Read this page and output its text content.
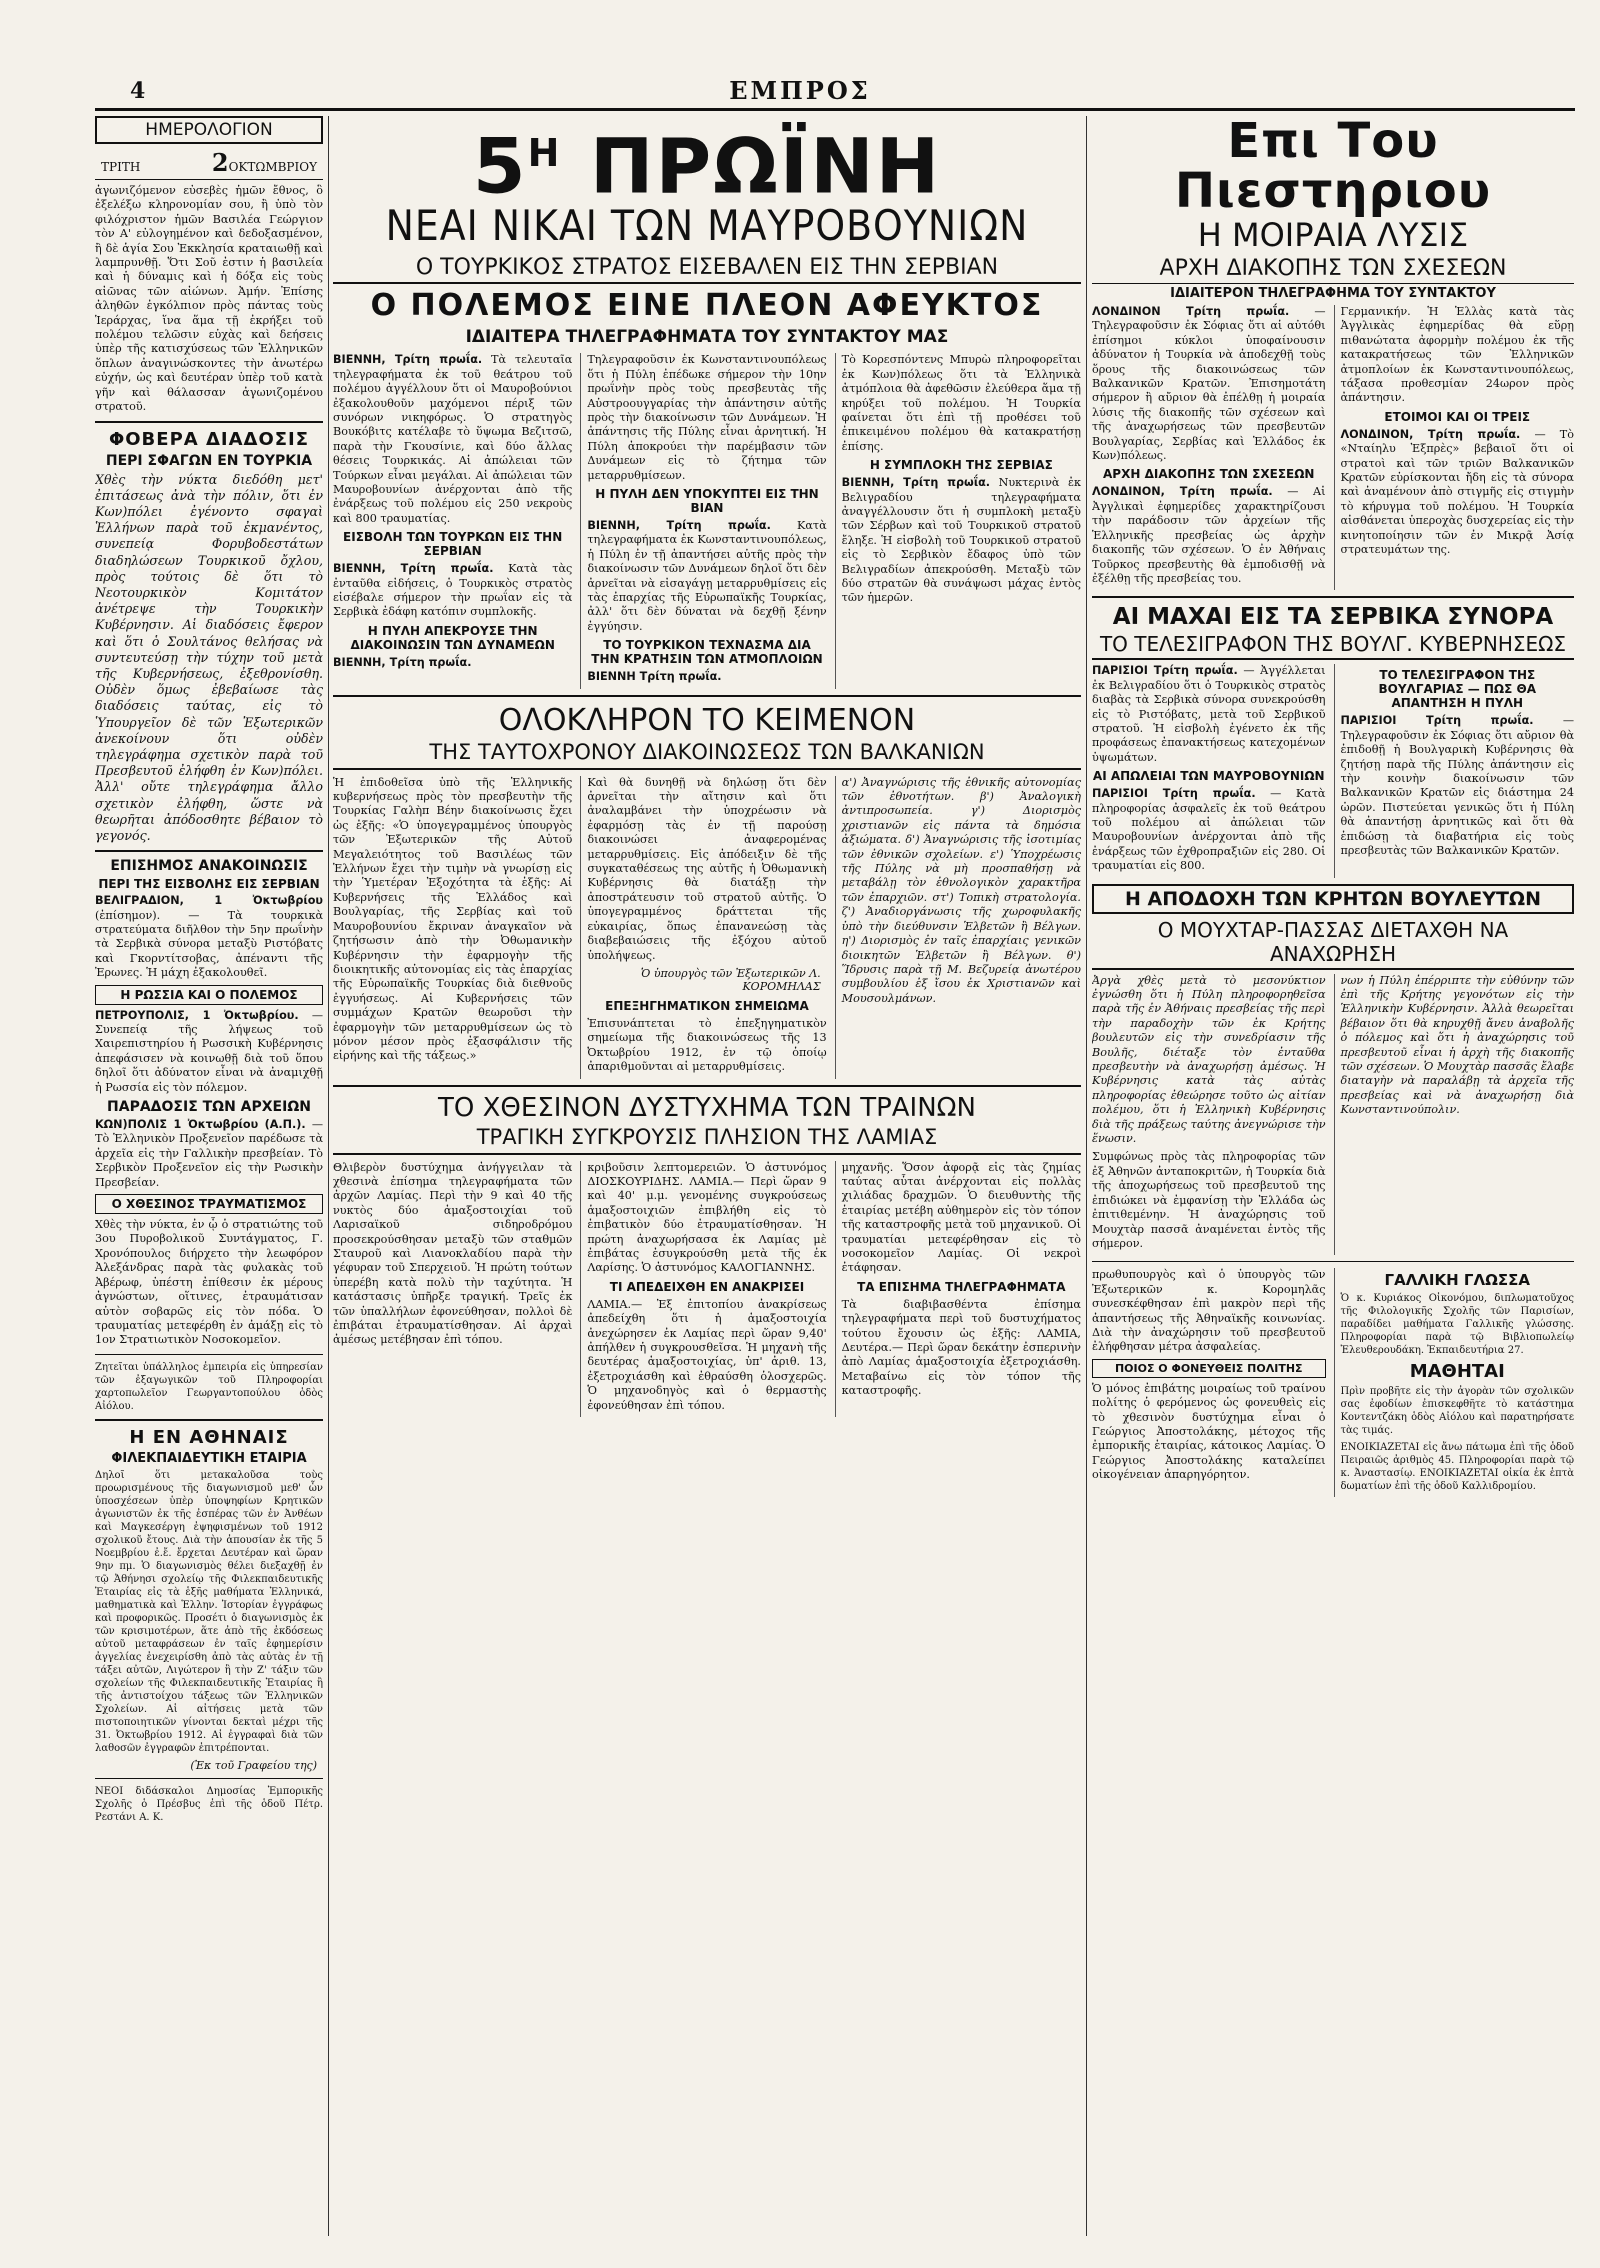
4	ΕΜΠΡΟΣ
ΗΜΕΡΟΛΟΓΙΟΝ
ΤΡΙΤΗ	2ΟΚΤΩΜΒΡΙΟΥ

ἀγωνιζόμενον εὐσεβὲς ἡμῶν ἔθνος, ὃ ἐξελέξω κληρονομίαν σου, ἢ ὑπὸ τὸν φιλόχριστον ἡμῶν Βασιλέα Γεώργιον τὸν Α' εὐλογημένον καὶ δεδοξασμένον, ἢ δὲ ἁγία Σου Ἐκκλησία κραταιωθῇ καὶ λαμπρυνθῇ. Ὅτι Σοῦ ἐστιν ἡ βασιλεία καὶ ἡ δύναμις καὶ ἡ δόξα εἰς τοὺς αἰῶνας τῶν αἰώνων. Ἀμήν. Ἐπίσης ἀληθῶν ἐγκόλπιον πρὸς πάντας τοὺς Ἱεράρχας, ἵνα ἅμα τῇ ἐκρήξει τοῦ πολέμου τελῶσιν εὐχὰς καὶ δεήσεις ὑπὲρ τῆς κατισχύσεως τῶν Ἑλληνικῶν ὅπλων ἀναγινώσκοντες τὴν ἀνωτέρω εὐχήν, ὡς καὶ δευτέραν ὑπὲρ τοῦ κατὰ γῆν καὶ θάλασσαν ἀγωνιζομένου στρατοῦ.

ΦΟΒΕΡΑ ΔΙΑΔΟΣΙΣ
ΠΕΡΙ ΣΦΑΓΩΝ ΕΝ ΤΟΥΡΚΙΑ

Χθὲς τὴν νύκτα διεδόθη μετ' ἐπιτάσεως ἀνὰ τὴν πόλιν, ὅτι ἐν Κων)πόλει ἐγένοντο σφαγαὶ Ἑλλήνων παρὰ τοῦ ἐκμανέντος, συνεπείᾳ Φορυβοδεστάτων διαδηλώσεων Τουρκικοῦ ὄχλου, πρὸς τούτοις δὲ ὅτι τὸ Νεοτουρκικὸν Κομιτάτον ἀνέτρεψε τὴν Τουρκικὴν Κυβέρνησιν. Αἱ διαδόσεις ἔφερον καὶ ὅτι ὁ Σουλτάνος θελήσας νὰ συντευτεύσῃ τὴν τύχην τοῦ μετὰ τῆς Κυβερνήσεως, ἐξεθρονίσθη. Οὐδὲν ὅμως ἐβεβαίωσε τὰς διαδόσεις ταύτας, εἰς τὸ Ὑπουργεῖον δὲ τῶν Ἐξωτερικῶν ἀνεκοίνουν ὅτι οὐδὲν τηλεγράφημα σχετικὸν παρὰ τοῦ Πρεσβευτοῦ ἐλήφθη ἐν Κων)πόλει. Ἀλλ' οὔτε τηλεγράφημα ἄλλο σχετικὸν ἐλήφθη, ὥστε νὰ θεωρῆται ἀπόδοσθητε βέβαιον τὸ γεγονός.

ΕΠΙΣΗΜΟΣ ΑΝΑΚΟΙΝΩΣΙΣ
ΠΕΡΙ ΤΗΣ ΕΙΣΒΟΛΗΣ ΕΙΣ ΣΕΡΒΙΑΝ

ΒΕΛΙΓΡΑΔΙΟΝ, 1 Ὀκτωβρίου (ἐπίσημον). — Τὰ τουρκικὰ στρατεύματα διῆλθον τὴν 5ην πρωΐνὴν τὰ Σερβικὰ σύνορα μεταξὺ Ριστόβατς καὶ Γκορντίτσοβας, ἀπέναντι τῆς Ἐρωνες. Ἡ μάχη ἐξακολουθεῖ.

Η ΡΩΣΣΙΑ ΚΑΙ Ο ΠΟΛΕΜΟΣ

ΠΕΤΡΟΥΠΟΛΙΣ, 1 Ὀκτωβρίου. — Συνεπείᾳ τῆς λήψεως τοῦ Χαιρεπιστηρίου ἡ Ρωσσικὴ Κυβέρνησις ἀπεφάσισεν νὰ κοινωθῇ διὰ τοῦ ὅπου δηλοῖ ὅτι ἀδύνατον εἶναι νὰ ἀναμιχθῇ ἡ Ρωσσία εἰς τὸν πόλεμον.

ΠΑΡΑΔΟΣΙΣ ΤΩΝ ΑΡΧΕΙΩΝ

ΚΩΝ)ΠΟΛΙΣ 1 Ὀκτωβρίου (Α.Π.). — Τὸ Ἑλληνικὸν Προξενεῖον παρέδωσε τὰ ἀρχεῖα εἰς τὴν Γαλλικὴν πρεσβείαν. Τὸ Σερβικὸν Προξενεῖον εἰς τὴν Ρωσικὴν Πρεσβείαν.

Ο ΧΘΕΣΙΝΟΣ ΤΡΑΥΜΑΤΙΣΜΟΣ

Χθὲς τὴν νύκτα, ἐν ᾧ ὁ στρατιώτης τοῦ 3ου Πυροβολικοῦ Συντάγματος, Γ. Χρονόπουλος διήρχετο τὴν λεωφόρον Ἀλεξάνδρας παρὰ τὰς φυλακὰς τοῦ Ἀβέρωφ, ὑπέστη ἐπίθεσιν ἐκ μέρους ἀγνώστων, οἵτινες, ἐτραυμάτισαν αὐτὸν σοβαρῶς εἰς τὸν πόδα. Ὁ τραυματίας μετεφέρθη ἐν ἀμάξῃ εἰς τὸ 1ον Στρατιωτικὸν Νοσοκομεῖον.

Ζητεῖται ὑπάλληλος ἐμπειρία εἰς ὑπηρεσίαν τῶν ἐξαγωγικῶν τοῦ Πληροφορίαι χαρτοπωλεῖον Γεωργαντοπούλου ὁδὸς Αἰόλου.

Η ΕΝ ΑΘΗΝΑΙΣ
ΦΙΛΕΚΠΑΙΔΕΥΤΙΚΗ ΕΤΑΙΡΙΑ

Δηλοῖ ὅτι μετακαλοῦσα τοὺς προωρισμένους τῆς διαγωνισμοῦ μεθ' ὧν ὑποσχέσεων ὑπὲρ ὑποψηφίων Κρητικῶν ἀγωνιστῶν ἐκ τῆς ἐσπέρας τῶν ἐν Ἀνθέων καὶ Μαγκεσέργη ἐψηφισμένων τοῦ 1912 σχολικοῦ ἔτους. Διὰ τὴν ἀπουσίαν ἐκ τῆς 5 Νοεμβρίου ἐ.ἔ. ἔρχεται Δευτέραν καὶ ὥραν 9ην πμ. Ὁ διαγωνισμὸς θέλει διεξαχθῇ ἐν τῷ Ἀθήνησι σχολείῳ τῆς Φιλεκπαιδευτικῆς Ἑταιρίας εἰς τὰ ἑξῆς μαθήματα Ἑλληνικά, μαθηματικὰ καὶ Ἑλλην. Ἱστορίαν ἐγγράφως καὶ προφορικῶς. Προσέτι ὁ διαγωνισμὸς ἐκ τῶν κρισιμοτέρων, ἅτε ἀπὸ τῆς ἐκδόσεως αὐτοῦ μεταφράσεων ἐν ταῖς ἐφημερίσιν ἀγγελίας ἐνεχειρίσθη ἀπὸ τὰς αὐτὰς ἐν τῇ τάξει αὐτῶν, Λιγώτερον ἢ τὴν Ζ' τάξιν τῶν σχολείων τῆς Φιλεκπαιδευτικῆς Ἑταιρίας ἢ τῆς ἀντιστοίχου τάξεως τῶν Ἑλληνικῶν Σχολείων. Αἱ αἰτήσεις μετὰ τῶν πιστοποιητικῶν γίνονται δεκταὶ μέχρι τῆς 31. Ὀκτωβρίου 1912. Αἱ ἐγγραφαὶ διὰ τῶν λαθοσῶν ἐγγραφῶν ἐπιτρέπονται.

(Ἐκ τοῦ Γραφείου της)

ΝΕΟΙ διδάσκαλοι Δημοσίας Ἐμπορικῆς Σχολῆς ὁ Πρέσβυς ἐπὶ τῆς ὁδοῦ Πέτρ. Ρεστάνι Α. Κ.

$5^H$ ΠΡΩΪΝΗ
ΝΕΑΙ ΝΙΚΑΙ ΤΩΝ ΜΑΥΡΟΒΟΥΝΙΩΝ
Ο ΤΟΥΡΚΙΚΟΣ ΣΤΡΑΤΟΣ ΕΙΣΕΒΑΛΕΝ ΕΙΣ ΤΗΝ ΣΕΡΒΙΑΝ
Ο ΠΟΛΕΜΟΣ ΕΙΝΕ ΠΛΕΟΝ ΑΦΕΥΚΤΟΣ
ΙΔΙΑΙΤΕΡΑ ΤΗΛΕΓΡΑΦΗΜΑΤΑ ΤΟΥ ΣΥΝΤΑΚΤΟΥ ΜΑΣ

ΒΙΕΝΝΗ, Τρίτη πρωΐα. Τὰ τελευταῖα τηλεγραφήματα ἐκ τοῦ θεάτρου τοῦ πολέμου ἀγγέλλουν ὅτι οἱ Μαυροβούνιοι ἐξακολουθοῦν μαχόμενοι πέριξ τῶν συνόρων νικηφόρως. Ὁ στρατηγὸς Βουκόβιτς κατέλαβε τὸ ὕψωμα Βεζιτσῶ, παρὰ τὴν Γκουσίνιε, καὶ δύο ἄλλας θέσεις Τουρκικάς. Αἱ ἀπώλειαι τῶν Τούρκων εἶναι μεγάλαι. Αἱ ἀπώλειαι τῶν Μαυροβουνίων ἀνέρχονται ἀπὸ τῆς ἐνάρξεως τοῦ πολέμου εἰς 250 νεκροὺς καὶ 800 τραυματίας.

ΕΙΣΒΟΛΗ ΤΩΝ ΤΟΥΡΚΩΝ ΕΙΣ ΤΗΝ ΣΕΡΒΙΑΝ

ΒΙΕΝΝΗ, Τρίτη πρωΐα. Κατὰ τὰς ἐνταῦθα εἰδήσεις, ὁ Τουρκικὸς στρατὸς εἰσέβαλε σήμερον τὴν πρωΐαν εἰς τὰ Σερβικὰ ἐδάφη κατόπιν συμπλοκῆς.

Η ΠΥΛΗ ΑΠΕΚΡΟΥΣΕ ΤΗΝ ΔΙΑΚΟΙΝΩΣΙΝ ΤΩΝ ΔΥΝΑΜΕΩΝ

ΒΙΕΝΝΗ, Τρίτη πρωΐα.

Τηλεγραφοῦσιν ἐκ Κωνσταντινουπόλεως ὅτι ἡ Πύλη ἐπέδωκε σήμερον τὴν 10ην πρωΐνὴν πρὸς τοὺς πρεσβευτὰς τῆς Αὐστροουγγαρίας τὴν ἀπάντησιν αὐτῆς πρὸς τὴν διακοίνωσιν τῶν Δυνάμεων. Ἡ ἀπάντησις τῆς Πύλης εἶναι ἀρνητική. Ἡ Πύλη ἀποκρούει τὴν παρέμβασιν τῶν Δυνάμεων εἰς τὸ ζήτημα τῶν μεταρρυθμίσεων.

Η ΠΥΛΗ ΔΕΝ ΥΠΟΚΥΠΤΕΙ ΕΙΣ ΤΗΝ ΒΙΑΝ

ΒΙΕΝΝΗ, Τρίτη πρωΐα. Κατὰ τηλεγραφήματα ἐκ Κωνσταντινουπόλεως, ἡ Πύλη ἐν τῇ ἀπαντήσει αὐτῆς πρὸς τὴν διακοίνωσιν τῶν Δυνάμεων δηλοῖ ὅτι δὲν ἀρνεῖται νὰ εἰσαγάγῃ μεταρρυθμίσεις εἰς τὰς ἐπαρχίας τῆς Εὐρωπαϊκῆς Τουρκίας, ἀλλ' ὅτι δὲν δύναται νὰ δεχθῇ ξένην ἐγγύησιν.

ΤΟ ΤΟΥΡΚΙΚΟΝ ΤΕΧΝΑΣΜΑ ΔΙΑ ΤΗΝ ΚΡΑΤΗΣΙΝ ΤΩΝ ΑΤΜΟΠΛΟΙΩΝ

ΒΙΕΝΝΗ Τρίτη πρωΐα.

Τὸ Κορεσπόντενς Μπυρὼ πληροφορεῖται ἐκ Κων)πόλεως ὅτι τὰ Ἑλληνικὰ ἀτμόπλοια θὰ ἀφεθῶσιν ἐλεύθερα ἅμα τῇ κηρύξει τοῦ πολέμου. Ἡ Τουρκία φαίνεται ὅτι ἐπὶ τῇ προθέσει τοῦ ἐπικειμένου πολέμου θὰ κατακρατήσῃ ἐπίσης.

Η ΣΥΜΠΛΟΚΗ ΤΗΣ ΣΕΡΒΙΑΣ

ΒΙΕΝΝΗ, Τρίτη πρωΐα. Νυκτερινὰ ἐκ Βελιγραδίου τηλεγραφήματα ἀναγγέλλουσιν ὅτι ἡ συμπλοκὴ μεταξὺ τῶν Σέρβων καὶ τοῦ Τουρκικοῦ στρατοῦ ἔληξε. Ἡ εἰσβολὴ τοῦ Τουρκικοῦ στρατοῦ εἰς τὸ Σερβικὸν ἔδαφος ὑπὸ τῶν Βελιγραδίων ἀπεκρούσθη. Μεταξὺ τῶν δύο στρατῶν θὰ συνάψωσι μάχας ἐντὸς τῶν ἡμερῶν.

ΟΛΟΚΛΗΡΟΝ ΤΟ ΚΕΙΜΕΝΟΝ
ΤΗΣ ΤΑΥΤΟΧΡΟΝΟΥ ΔΙΑΚΟΙΝΩΣΕΩΣ ΤΩΝ ΒΑΛΚΑΝΙΩΝ

Ἡ ἐπιδοθεῖσα ὑπὸ τῆς Ἑλληνικῆς κυβερνήσεως πρὸς τὸν πρεσβευτὴν τῆς Τουρκίας Γαλὴπ Βέην διακοίνωσις ἔχει ὡς ἑξῆς: «Ὁ ὑπογεγραμμένος ὑπουργὸς τῶν Ἐξωτερικῶν τῆς Αὐτοῦ Μεγαλειότητος τοῦ Βασιλέως τῶν Ἑλλήνων ἔχει τὴν τιμὴν νὰ γνωρίσῃ εἰς τὴν Ὑμετέραν Ἐξοχότητα τὰ ἑξῆς: Αἱ Κυβερνήσεις τῆς Ἑλλάδος καὶ Βουλγαρίας, τῆς Σερβίας καὶ τοῦ Μαυροβουνίου ἔκριναν ἀναγκαῖον νὰ ζητήσωσιν ἀπὸ τὴν Ὀθωμανικὴν Κυβέρνησιν τὴν ἐφαρμογὴν τῆς διοικητικῆς αὐτονομίας εἰς τὰς ἐπαρχίας τῆς Εὐρωπαϊκῆς Τουρκίας διὰ διεθνοῦς ἐγγυήσεως. Αἱ Κυβερνήσεις τῶν συμμάχων Κρατῶν θεωροῦσι τὴν ἐφαρμογὴν τῶν μεταρρυθμίσεων ὡς τὸ μόνον μέσον πρὸς ἐξασφάλισιν τῆς εἰρήνης καὶ τῆς τάξεως.»

Καὶ θὰ δυνηθῇ νὰ δηλώσῃ ὅτι δὲν ἀρνεῖται τὴν αἴτησιν καὶ ὅτι ἀναλαμβάνει τὴν ὑποχρέωσιν νὰ ἐφαρμόσῃ τὰς ἐν τῇ παρούσῃ διακοινώσει ἀναφερομένας μεταρρυθμίσεις. Εἰς ἀπόδειξιν δὲ τῆς συγκαταθέσεως της αὐτῆς ἡ Ὀθωμανικὴ Κυβέρνησις θὰ διατάξῃ τὴν ἀποστράτευσιν τοῦ στρατοῦ αὐτῆς. Ὁ ὑπογεγραμμένος δράττεται τῆς εὐκαιρίας, ὅπως ἐπανανεώσῃ τὰς διαβεβαιώσεις τῆς ἐξόχου αὐτοῦ ὑπολήψεως.

Ὁ ὑπουργὸς τῶν Ἐξωτερικῶν Λ. ΚΟΡΟΜΗΛΑΣ
ΕΠΕΞΗΓΗΜΑΤΙΚΟΝ ΣΗΜΕΙΩΜΑ

Ἐπισυνάπτεται τὸ ἐπεξηγηματικὸν σημείωμα τῆς διακοινώσεως τῆς 13 Ὀκτωβρίου 1912, ἐν τῷ ὁποίῳ ἀπαριθμοῦνται αἱ μεταρρυθμίσεις.

α') Ἀναγνώρισις τῆς ἐθνικῆς αὐτονομίας τῶν ἐθνοτήτων. β') Ἀναλογικὴ ἀντιπροσωπεία. γ') Διορισμὸς χριστιανῶν εἰς πάντα τὰ δημόσια ἀξιώματα. δ') Ἀναγνώρισις τῆς ἰσοτιμίας τῶν ἐθνικῶν σχολείων. ε') Ὑποχρέωσις τῆς Πύλης νὰ μὴ προσπαθήσῃ νὰ μεταβάλῃ τὸν ἐθνολογικὸν χαρακτῆρα τῶν ἐπαρχιῶν. στ') Τοπικὴ στρατολογία. ζ') Ἀναδιοργάνωσις τῆς χωροφυλακῆς ὑπὸ τὴν διεύθυνσιν Ἑλβετῶν ἢ Βέλγων. η') Διορισμὸς ἐν ταῖς ἐπαρχίαις γενικῶν διοικητῶν Ἑλβετῶν ἢ Βέλγων. θ') Ἵδρυσις παρὰ τῇ Μ. Βεζυρείᾳ ἀνωτέρου συμβουλίου ἐξ ἴσου ἐκ Χριστιανῶν καὶ Μουσουλμάνων.

ΤΟ ΧΘΕΣΙΝΟΝ ΔΥΣΤΥΧΗΜΑ ΤΩΝ ΤΡΑΙΝΩΝ
ΤΡΑΓΙΚΗ ΣΥΓΚΡΟΥΣΙΣ ΠΛΗΣΙΟΝ ΤΗΣ ΛΑΜΙΑΣ

Θλιβερὸν δυστύχημα ἀνήγγειλαν τὰ χθεσινὰ ἐπίσημα τηλεγραφήματα τῶν ἀρχῶν Λαμίας. Περὶ τὴν 9 καὶ 40 τῆς νυκτὸς δύο ἁμαξοστοιχίαι τοῦ Λαρισαϊκοῦ σιδηροδρόμου προσεκρούσθησαν μεταξὺ τῶν σταθμῶν Σταυροῦ καὶ Λιανοκλαδίου παρὰ τὴν γέφυραν τοῦ Σπερχειοῦ. Ἡ πρώτη τούτων ὑπερέβη κατὰ πολὺ τὴν ταχύτητα. Ἡ κατάστασις ὑπῆρξε τραγική. Τρεῖς ἐκ τῶν ὑπαλλήλων ἐφονεύθησαν, πολλοὶ δὲ ἐπιβάται ἐτραυματίσθησαν. Αἱ ἀρχαὶ ἀμέσως μετέβησαν ἐπὶ τόπου.

κριβοῦσιν λεπτομερειῶν. Ὁ ἀστυνόμος ΔΙΟΣΚΟΥΡΙΔΗΣ. ΛΑΜΙΑ.— Περὶ ὥραν 9 καὶ 40' μ.μ. γενομένης συγκρούσεως ἁμαξοστοιχιῶν ἐπιβλήθη εἰς τὸ ἐπιβατικὸν δύο ἐτραυματίσθησαν. Ἡ πρώτη ἀναχωρήσασα ἐκ Λαμίας μὲ ἐπιβάτας ἐσυγκρούσθη μετὰ τῆς ἐκ Λαρίσης. Ὁ ἀστυνόμος ΚΑΛΟΓΙΑΝΝΗΣ.

ΤΙ ΑΠΕΔΕΙΧΘΗ ΕΝ ΑΝΑΚΡΙΣΕΙ

ΛΑΜΙΑ.— Ἐξ ἐπιτοπίου ἀνακρίσεως ἀπεδείχθη ὅτι ἡ ἁμαξοστοιχία ἀνεχώρησεν ἐκ Λαμίας περὶ ὥραν 9,40' ἀπήλθεν ἡ συγκρουσθεῖσα. Ἡ μηχανὴ τῆς δευτέρας ἁμαξοστοιχίας, ὑπ' ἀριθ. 13, ἐξετροχιάσθη καὶ ἐθραύσθη ὁλοσχερῶς. Ὁ μηχανοδηγὸς καὶ ὁ θερμαστὴς ἐφονεύθησαν ἐπὶ τόπου.

μηχανῆς. Ὅσον ἀφορᾷ εἰς τὰς ζημίας ταύτας αὗται ἀνέρχονται εἰς πολλὰς χιλιάδας δραχμῶν. Ὁ διευθυντὴς τῆς ἑταιρίας μετέβη αὐθημερὸν εἰς τὸν τόπον τῆς καταστροφῆς μετὰ τοῦ μηχανικοῦ. Οἱ τραυματίαι μετεφέρθησαν εἰς τὸ νοσοκομεῖον Λαμίας. Οἱ νεκροὶ ἐτάφησαν.

ΤΑ ΕΠΙΣΗΜΑ ΤΗΛΕΓΡΑΦΗΜΑΤΑ

Τὰ διαβιβασθέντα ἐπίσημα τηλεγραφήματα περὶ τοῦ δυστυχήματος τούτου ἔχουσιν ὡς ἑξῆς: ΛΑΜΙΑ, Δευτέρα.— Περὶ ὥραν δεκάτην ἐσπερινὴν ἀπὸ Λαμίας ἁμαξοστοιχία ἐξετροχιάσθη. Μεταβαίνω εἰς τὸν τόπον τῆς καταστροφῆς.

Επι Του Πιεστηριου
Η ΜΟΙΡΑΙΑ ΛΥΣΙΣ
ΑΡΧΗ ΔΙΑΚΟΠΗΣ ΤΩΝ ΣΧΕΣΕΩΝ
ΙΔΙΑΙΤΕΡΟΝ ΤΗΛΕΓΡΑΦΗΜΑ ΤΟΥ ΣΥΝΤΑΚΤΟΥ

ΛΟΝΔΙΝΟΝ Τρίτη πρωΐα. — Τηλεγραφοῦσιν ἐκ Σόφιας ὅτι αἱ αὐτόθι ἐπίσημοι κύκλοι ὑποφαίνουσιν ἀδύνατον ἡ Τουρκία νὰ ἀποδεχθῇ τοὺς ὅρους τῆς διακοινώσεως τῶν Βαλκανικῶν Κρατῶν. Ἐπισημοτάτη σήμερον ἢ αὔριον θὰ ἐπέλθῃ ἡ μοιραία λύσις τῆς διακοπῆς τῶν σχέσεων καὶ τῆς ἀναχωρήσεως τῶν πρεσβευτῶν Βουλγαρίας, Σερβίας καὶ Ἑλλάδος ἐκ Κων)πόλεως.

ΑΡΧΗ ΔΙΑΚΟΠΗΣ ΤΩΝ ΣΧΕΣΕΩΝ

ΛΟΝΔΙΝΟΝ, Τρίτη πρωΐα. — Αἱ Ἀγγλικαὶ ἐφημερίδες χαρακτηρίζουσι τὴν παράδοσιν τῶν ἀρχείων τῆς Ἑλληνικῆς πρεσβείας ὡς ἀρχὴν διακοπῆς τῶν σχέσεων. Ὁ ἐν Ἀθήναις Τοῦρκος πρεσβευτὴς θὰ ἐμποδισθῇ νὰ ἐξέλθῃ τῆς πρεσβείας του.

Γερμανικήν. Ἡ Ἑλλὰς κατὰ τὰς Ἀγγλικὰς ἐφημερίδας θὰ εὕρῃ πιθανώτατα ἀφορμὴν πολέμου ἐκ τῆς κατακρατήσεως τῶν Ἑλληνικῶν ἀτμοπλοίων ἐκ Κωνσταντινουπόλεως, τάξασα προθεσμίαν 24ωρον πρὸς ἀπάντησιν.

ΕΤΟΙΜΟΙ ΚΑΙ ΟΙ ΤΡΕΙΣ

ΛΟΝΔΙΝΟΝ, Τρίτη πρωΐα. — Τὸ «Νταίηλυ Ἐξπρὲς» βεβαιοῖ ὅτι οἱ στρατοὶ καὶ τῶν τριῶν Βαλκανικῶν Κρατῶν εὑρίσκονται ἤδη εἰς τὰ σύνορα καὶ ἀναμένουν ἀπὸ στιγμῆς εἰς στιγμὴν τὸ κήρυγμα τοῦ πολέμου. Ἡ Τουρκία αἰσθάνεται ὑπεροχὰς δυσχερείας εἰς τὴν κινητοποίησιν τῶν ἐν Μικρᾷ Ἀσίᾳ στρατευμάτων της.

ΑΙ ΜΑΧΑΙ ΕΙΣ ΤΑ ΣΕΡΒΙΚΑ ΣΥΝΟΡΑ
ΤΟ ΤΕΛΕΣΙΓΡΑΦΟΝ ΤΗΣ ΒΟΥΛΓ. ΚΥΒΕΡΝΗΣΕΩΣ

ΠΑΡΙΣΙΟΙ Τρίτη πρωΐα. — Ἀγγέλλεται ἐκ Βελιγραδίου ὅτι ὁ Τουρκικὸς στρατὸς διαβὰς τὰ Σερβικὰ σύνορα συνεκρούσθη εἰς τὸ Ριστόβατς, μετὰ τοῦ Σερβικοῦ στρατοῦ. Ἡ εἰσβολὴ ἐγένετο ἐκ τῆς προφάσεως ἐπανακτήσεως κατεχομένων ὑψωμάτων.

ΑΙ ΑΠΩΛΕΙΑΙ ΤΩΝ ΜΑΥΡΟΒΟΥΝΙΩΝ

ΠΑΡΙΣΙΟΙ Τρίτη πρωΐα. — Κατὰ πληροφορίας ἀσφαλεῖς ἐκ τοῦ θεάτρου τοῦ πολέμου αἱ ἀπώλειαι τῶν Μαυροβουνίων ἀνέρχονται ἀπὸ τῆς ἐνάρξεως τῶν ἐχθροπραξιῶν εἰς 280. Οἱ τραυματίαι εἰς 800.

ΤΟ ΤΕΛΕΣΙΓΡΑΦΟΝ ΤΗΣ ΒΟΥΛΓΑΡΙΑΣ — ΠΩΣ ΘΑ ΑΠΑΝΤΗΣΗ Η ΠΥΛΗ

ΠΑΡΙΣΙΟΙ Τρίτη πρωΐα.	— Τηλεγραφοῦσιν ἐκ Σόφιας ὅτι αὔριον θὰ ἐπιδοθῇ ἡ Βουλγαρικὴ Κυβέρνησις θὰ ζητήσῃ παρὰ τῆς Πύλης ἀπάντησιν εἰς τὴν κοινὴν διακοίνωσιν τῶν Βαλκανικῶν Κρατῶν εἰς διάστημα 24 ὡρῶν. Πιστεύεται γενικῶς ὅτι ἡ Πύλη θὰ ἀπαντήσῃ ἀρνητικῶς καὶ ὅτι θὰ ἐπιδώσῃ τὰ διαβατήρια εἰς τοὺς πρεσβευτὰς τῶν Βαλκανικῶν Κρατῶν.

Η ΑΠΟΔΟΧΗ ΤΩΝ ΚΡΗΤΩΝ ΒΟΥΛΕΥΤΩΝ
Ο ΜΟΥΧΤΑΡ-ΠΑΣΣΑΣ ΔΙΕΤΑΧΘΗ ΝΑ ΑΝΑΧΩΡΗΣΗ

Ἀργὰ χθὲς μετὰ τὸ μεσονύκτιον ἐγνώσθη ὅτι ἡ Πύλη πληροφορηθεῖσα παρὰ τῆς ἐν Ἀθήναις πρεσβείας τῆς περὶ τὴν παραδοχὴν τῶν ἐκ Κρήτης βουλευτῶν εἰς τὴν συνεδρίασιν τῆς Βουλῆς, διέταξε τὸν ἐνταῦθα πρεσβευτὴν νὰ ἀναχωρήσῃ ἀμέσως. Ἡ Κυβέρνησις κατὰ τὰς αὐτὰς πληροφορίας ἐθεώρησε τοῦτο ὡς αἰτίαν πολέμου, ὅτι ἡ Ἑλληνικὴ Κυβέρνησις διὰ τῆς πράξεως ταύτης ἀνεγνώρισε τὴν ἕνωσιν.

Συμφώνως πρὸς τὰς πληροφορίας τῶν ἐξ Ἀθηνῶν ἀνταποκριτῶν, ἡ Τουρκία διὰ τῆς ἀποχωρήσεως τοῦ πρεσβευτοῦ της ἐπιδιώκει νὰ ἐμφανίσῃ τὴν Ἑλλάδα ὡς ἐπιτιθεμένην. Ἡ ἀναχώρησις τοῦ Μουχτὰρ πασσᾶ ἀναμένεται ἐντὸς τῆς σήμερον.

νων ἡ Πύλη ἐπέρριπτε τὴν εὐθύνην τῶν ἐπὶ τῆς Κρήτης γεγονότων εἰς τὴν Ἑλληνικὴν Κυβέρνησιν. Ἀλλὰ θεωρεῖται βέβαιον ὅτι θὰ κηρυχθῇ ἄνευ ἀναβολῆς ὁ πόλεμος καὶ ὅτι ἡ ἀναχώρησις τοῦ πρεσβευτοῦ εἶναι ἡ ἀρχὴ τῆς διακοπῆς τῶν σχέσεων. Ὁ Μουχτὰρ πασσᾶς ἔλαβε διαταγὴν νὰ παραλάβῃ τὰ ἀρχεῖα τῆς πρεσβείας καὶ νὰ ἀναχωρήσῃ διὰ Κωνσταντινούπολιν.

πρωθυπουργὸς καὶ ὁ ὑπουργὸς τῶν Ἐξωτερικῶν κ. Κορομηλᾶς συνεσκέφθησαν ἐπὶ μακρὸν περὶ τῆς ἀπαντήσεως τῆς Ἀθηναϊκῆς κοινωνίας. Διὰ τὴν ἀναχώρησιν τοῦ πρεσβευτοῦ ἐλήφθησαν μέτρα ἀσφαλείας.

ΠΟΙΟΣ Ο ΦΟΝΕΥΘΕΙΣ ΠΟΛΙΤΗΣ

Ὁ μόνος ἐπιβάτης μοιραίως τοῦ τραίνου πολίτης ὁ φερόμενος ὡς φονευθεὶς εἰς τὸ χθεσινὸν δυστύχημα εἶναι ὁ Γεώργιος Ἀποστολάκης, μέτοχος τῆς ἐμπορικῆς ἑταιρίας, κάτοικος Λαμίας. Ὁ Γεώργιος Ἀποστολάκης καταλείπει οἰκογένειαν ἀπαρηγόρητον.

ΓΑΛΛΙΚΗ ΓΛΩΣΣΑ

Ὁ κ. Κυριάκος Οἰκονόμου, διπλωματοῦχος τῆς Φιλολογικῆς Σχολῆς τῶν Παρισίων, παραδίδει μαθήματα Γαλλικῆς γλώσσης. Πληροφορίαι παρὰ τῷ Βιβλιοπωλείῳ Ἐλευθερουδάκη. Ἐκπαιδευτήρια 27.

ΜΑΘΗΤΑΙ

Πρὶν προβῆτε εἰς τὴν ἀγορὰν τῶν σχολικῶν σας ἐφοδίων ἐπισκεφθῆτε τὸ κατάστημα Κοντεντζάκη ὁδὸς Αἰόλου καὶ παρατηρήσατε τὰς τιμάς.

ΕΝΟΙΚΙΑΖΕΤΑΙ εἰς ἄνω πάτωμα ἐπὶ τῆς ὁδοῦ Πειραιῶς ἀριθμὸς 45. Πληροφορίαι παρὰ τῷ κ. Ἀναστασίῳ. ΕΝΟΙΚΙΑΖΕΤΑΙ οἰκία ἐκ ἑπτὰ δωματίων ἐπὶ τῆς ὁδοῦ Καλλιδρομίου.
